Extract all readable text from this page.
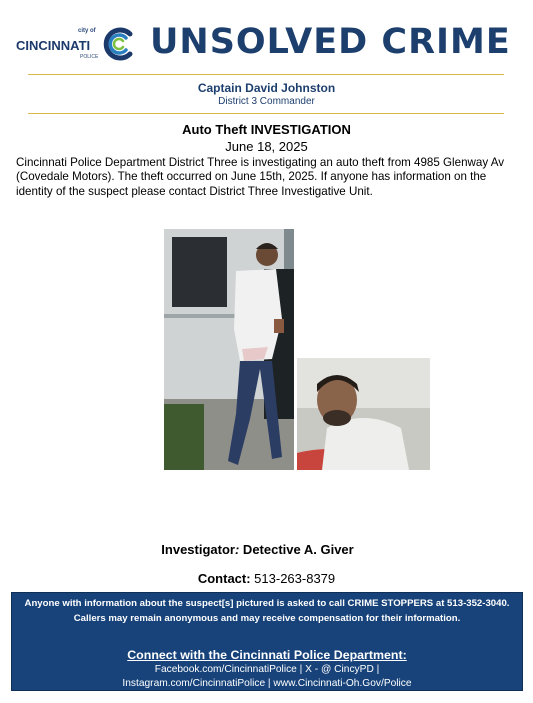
city of
CINCINNATI
POLICE UNSOLVED CRIME
Captain David Johnston
District 3 Commander
Auto Theft INVESTIGATION
June 18, 2025
Cincinnati Police Department District Three is investigating an auto theft from 4985 Glenway Av (Covedale Motors). The theft occurred on June 15th, 2025. If anyone has information on the identity of the suspect please contact District Three Investigative Unit.
Investigator: Detective A. Giver
Contact: 513-263-8379
Anyone with information about the suspect[s] pictured is asked to call CRIME STOPPERS at 513-352-3040. Callers may remain anonymous and may receive compensation for their information.
Connect with the Cincinnati Police Department:
Facebook.com/CincinnatiPolice | X - @ CincyPD |
Instagram.com/CincinnatiPolice | www.Cincinnati-Oh.Gov/Police
